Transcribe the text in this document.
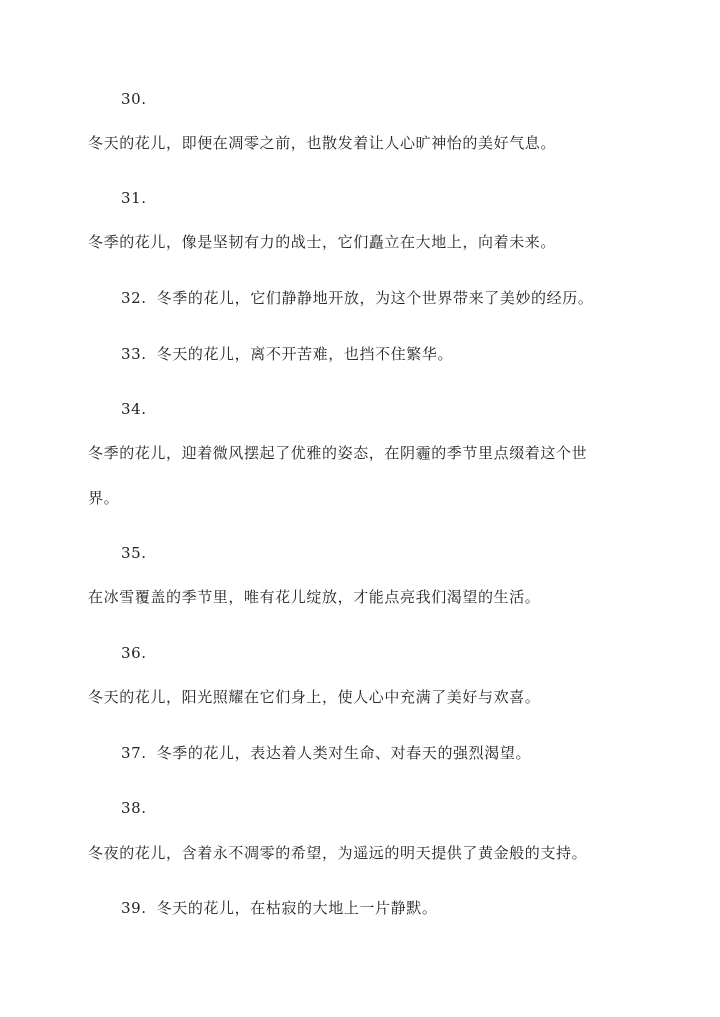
30.
冬天的花儿，即便在凋零之前，也散发着让人心旷神怡的美好气息。
31.
冬季的花儿，像是坚韧有力的战士，它们矗立在大地上，向着未来。
32. 冬季的花儿，它们静静地开放，为这个世界带来了美妙的经历。
33. 冬天的花儿，离不开苦难，也挡不住繁华。
34.
冬季的花儿，迎着微风摆起了优雅的姿态，在阴霾的季节里点缀着这个世
界。
35.
在冰雪覆盖的季节里，唯有花儿绽放，才能点亮我们渴望的生活。
36.
冬天的花儿，阳光照耀在它们身上，使人心中充满了美好与欢喜。
37. 冬季的花儿，表达着人类对生命、对春天的强烈渴望。
38.
冬夜的花儿，含着永不凋零的希望，为遥远的明天提供了黄金般的支持。
39. 冬天的花儿，在枯寂的大地上一片静默。
